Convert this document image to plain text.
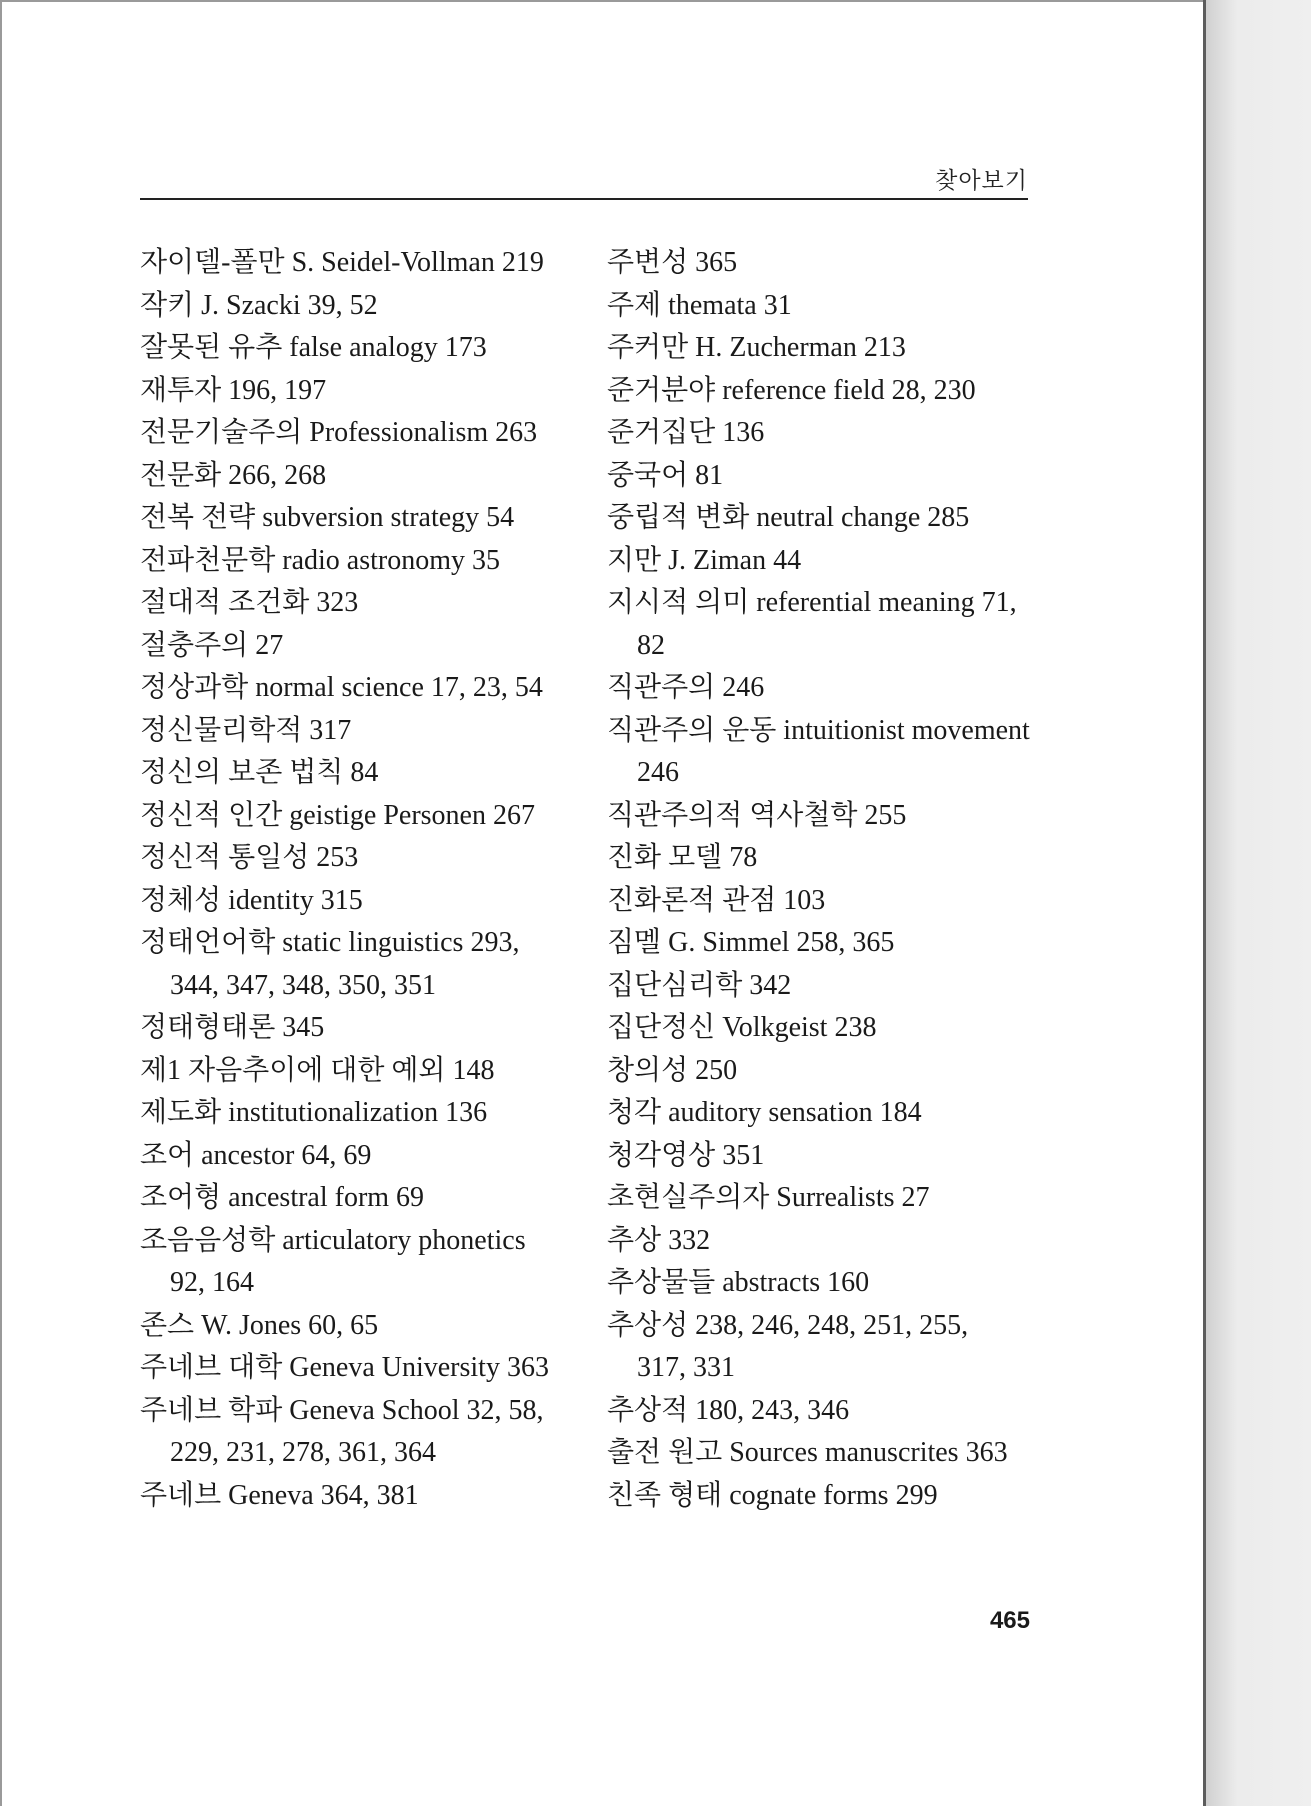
찾아보기
자이델-폴만 S. Seidel-Vollman 219
작키 J. Szacki 39, 52
잘못된 유추 false analogy 173
재투자 196, 197
전문기술주의 Professionalism 263
전문화 266, 268
전복 전략 subversion strategy 54
전파천문학 radio astronomy 35
절대적 조건화 323
절충주의 27
정상과학 normal science 17, 23, 54
정신물리학적 317
정신의 보존 법칙 84
정신적 인간 geistige Personen 267
정신적 통일성 253
정체성 identity 315
정태언어학 static linguistics 293,
344, 347, 348, 350, 351
정태형태론 345
제1 자음추이에 대한 예외 148
제도화 institutionalization 136
조어 ancestor 64, 69
조어형 ancestral form 69
조음음성학 articulatory phonetics
92, 164
존스 W. Jones 60, 65
주네브 대학 Geneva University 363
주네브 학파 Geneva School 32, 58,
229, 231, 278, 361, 364
주네브 Geneva 364, 381
주변성 365
주제 themata 31
주커만 H. Zucherman 213
준거분야 reference field 28, 230
준거집단 136
중국어 81
중립적 변화 neutral change 285
지만 J. Ziman 44
지시적 의미 referential meaning 71,
82
직관주의 246
직관주의 운동 intuitionist movement
246
직관주의적 역사철학 255
진화 모델 78
진화론적 관점 103
짐멜 G. Simmel 258, 365
집단심리학 342
집단정신 Volkgeist 238
창의성 250
청각 auditory sensation 184
청각영상 351
초현실주의자 Surrealists 27
추상 332
추상물들 abstracts 160
추상성 238, 246, 248, 251, 255,
317, 331
추상적 180, 243, 346
출전 원고 Sources manuscrites 363
친족 형태 cognate forms 299
465
